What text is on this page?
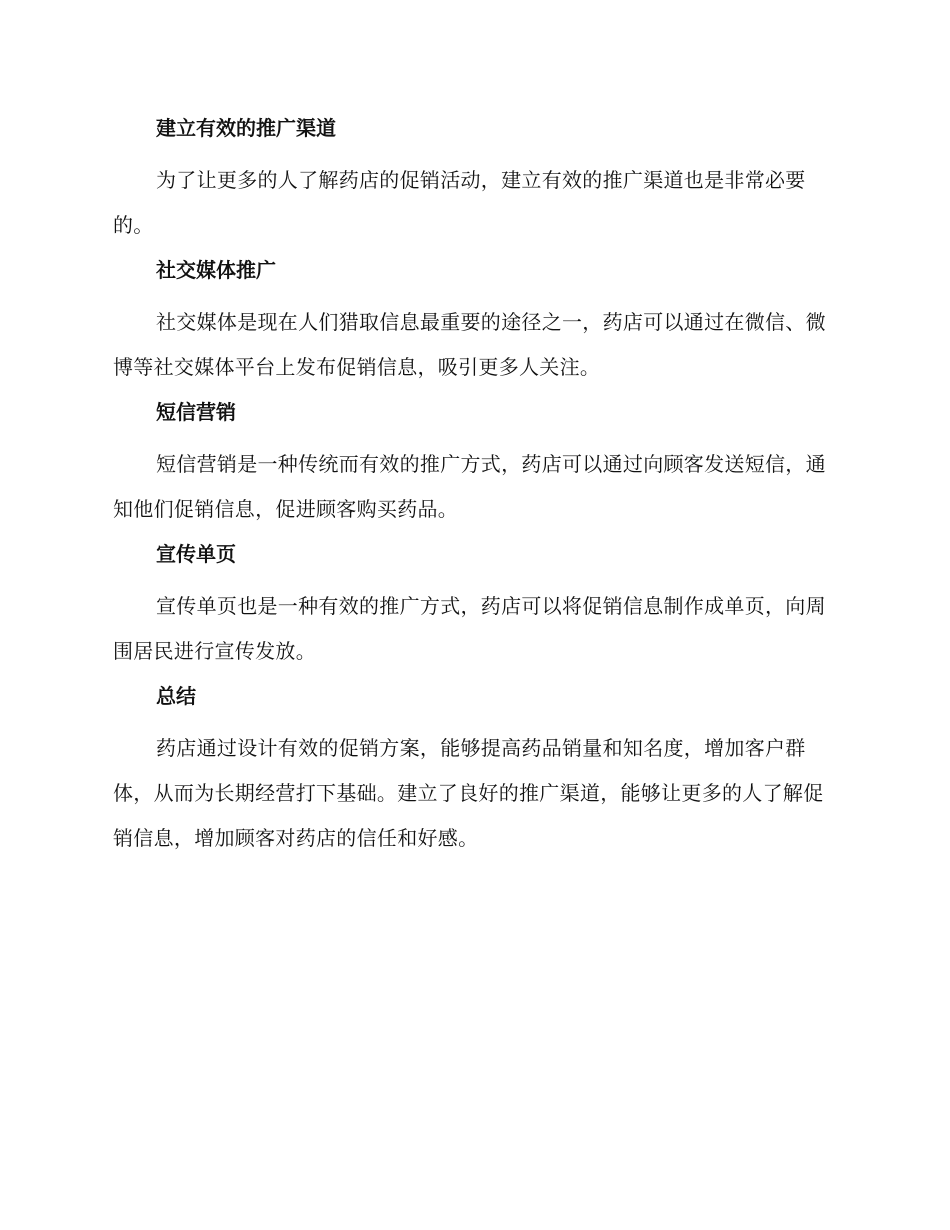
建立有效的推广渠道

为了让更多的人了解药店的促销活动，建立有效的推广渠道也是非常必要的。

社交媒体推广

社交媒体是现在人们猎取信息最重要的途径之一，药店可以通过在微信、微博等社交媒体平台上发布促销信息，吸引更多人关注。

短信营销

短信营销是一种传统而有效的推广方式，药店可以通过向顾客发送短信，通知他们促销信息，促进顾客购买药品。

宣传单页

宣传单页也是一种有效的推广方式，药店可以将促销信息制作成单页，向周围居民进行宣传发放。

总结

药店通过设计有效的促销方案，能够提高药品销量和知名度，增加客户群体，从而为长期经营打下基础。建立了良好的推广渠道，能够让更多的人了解促销信息，增加顾客对药店的信任和好感。
